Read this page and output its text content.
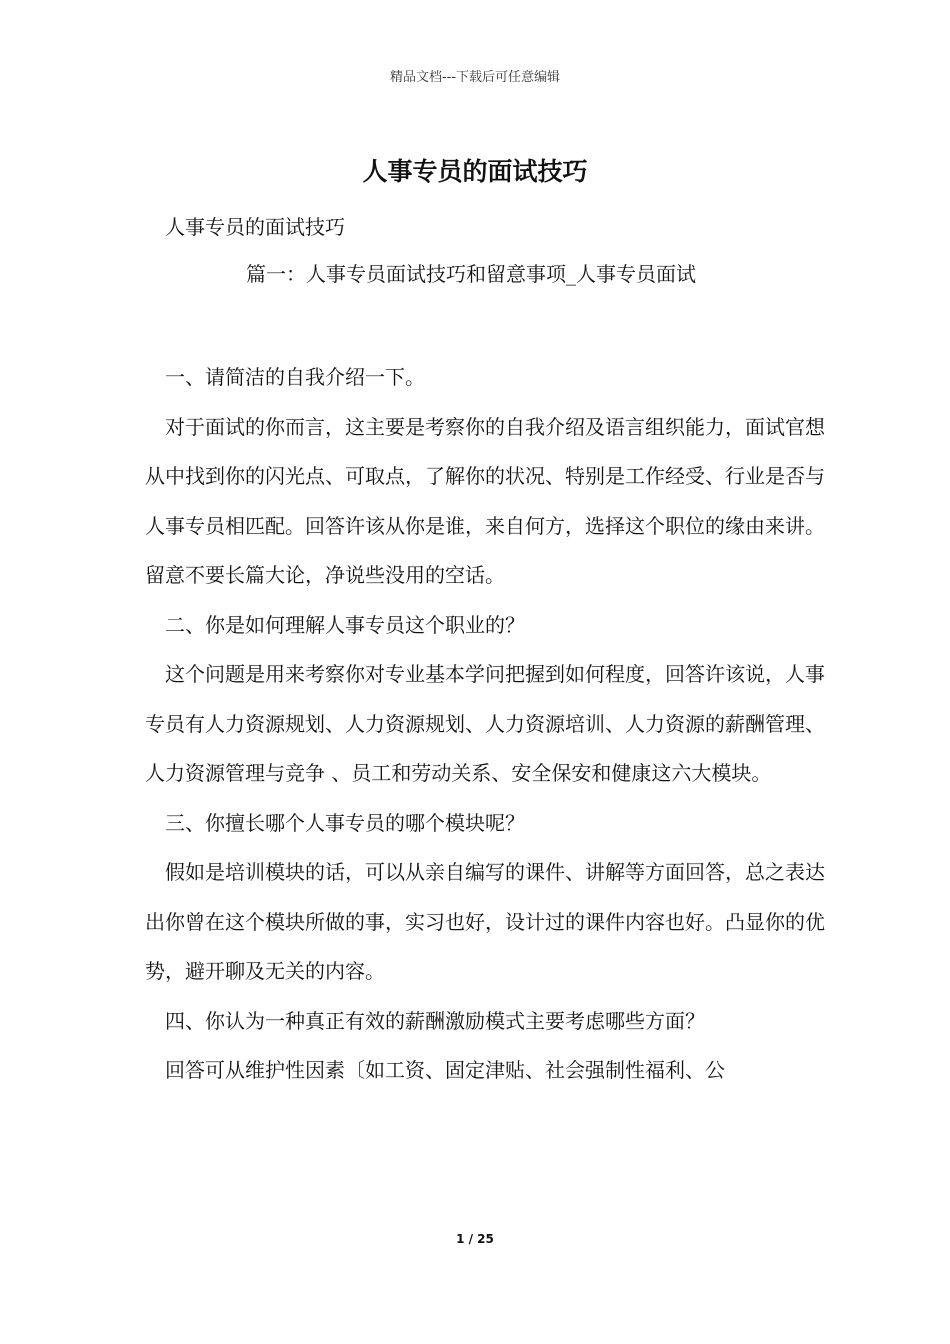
精品文档---下载后可任意编辑
人事专员的面试技巧
人事专员的面试技巧
篇一：人事专员面试技巧和留意事项_人事专员面试

一、请简洁的自我介绍一下。

对于面试的你而言，这主要是考察你的自我介绍及语言组织能力，面试官想从中找到你的闪光点、可取点，了解你的状况、特别是工作经受、行业是否与人事专员相匹配。回答许该从你是谁，来自何方，选择这个职位的缘由来讲。留意不要长篇大论，净说些没用的空话。

二、你是如何理解人事专员这个职业的？

这个问题是用来考察你对专业基本学问把握到如何程度，回答许该说，人事专员有人力资源规划、人力资源规划、人力资源培训、人力资源的薪酬管理、人力资源管理与竞争 、员工和劳动关系、安全保安和健康这六大模块。

三、你擅长哪个人事专员的哪个模块呢？

假如是培训模块的话，可以从亲自编写的课件、讲解等方面回答，总之表达出你曾在这个模块所做的事，实习也好，设计过的课件内容也好。凸显你的优势，避开聊及无关的内容。

四、你认为一种真正有效的薪酬激励模式主要考虑哪些方面？

回答可从维护性因素〔如工资、固定津贴、社会强制性福利、公

1 / 25
